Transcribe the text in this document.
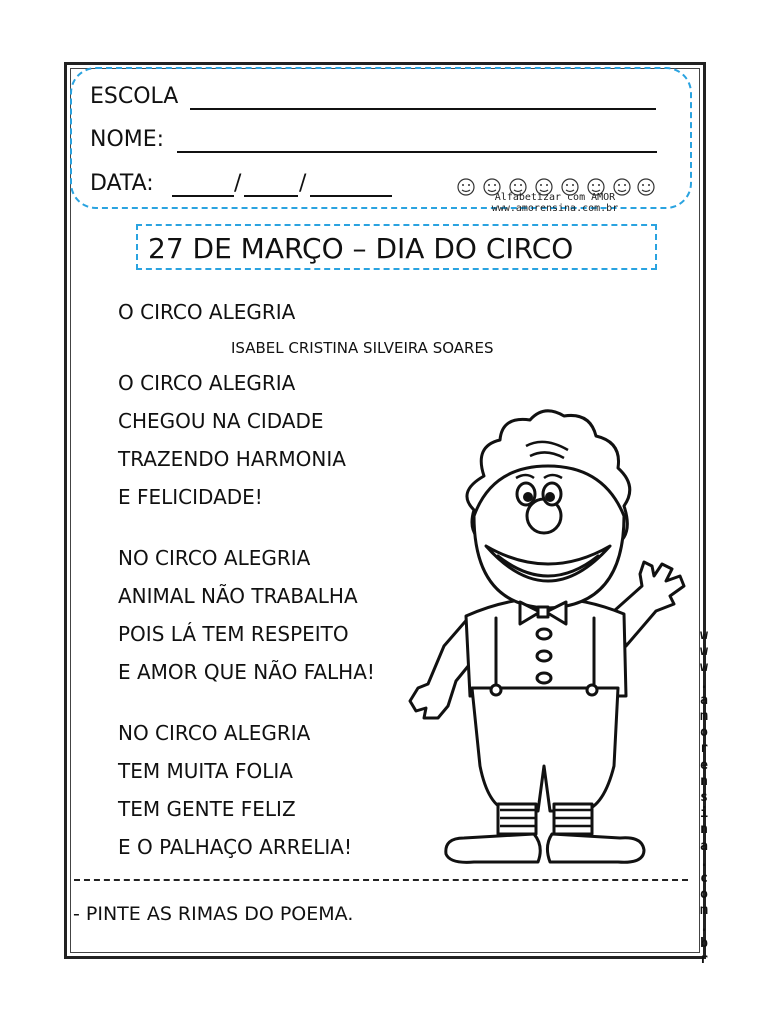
ESCOLA
NOME:
DATA:	/	/
Alfabetizar com AMOR
www.amorensina.com.br
27 DE MARÇO – DIA DO CIRCO
O CIRCO ALEGRIA
ISABEL CRISTINA SILVEIRA SOARES
O CIRCO ALEGRIA
CHEGOU NA CIDADE
TRAZENDO HARMONIA
E FELICIDADE!
NO CIRCO ALEGRIA
ANIMAL NÃO TRABALHA
POIS LÁ TEM RESPEITO
E AMOR QUE NÃO FALHA!
NO CIRCO ALEGRIA
TEM MUITA FOLIA
TEM GENTE FELIZ
E O PALHAÇO ARRELIA!
- PINTE AS RIMAS DO POEMA.
w
w
w
.
a
m
o
r
e
n
s
i
n
a
.
c
o
m
.
b
r
